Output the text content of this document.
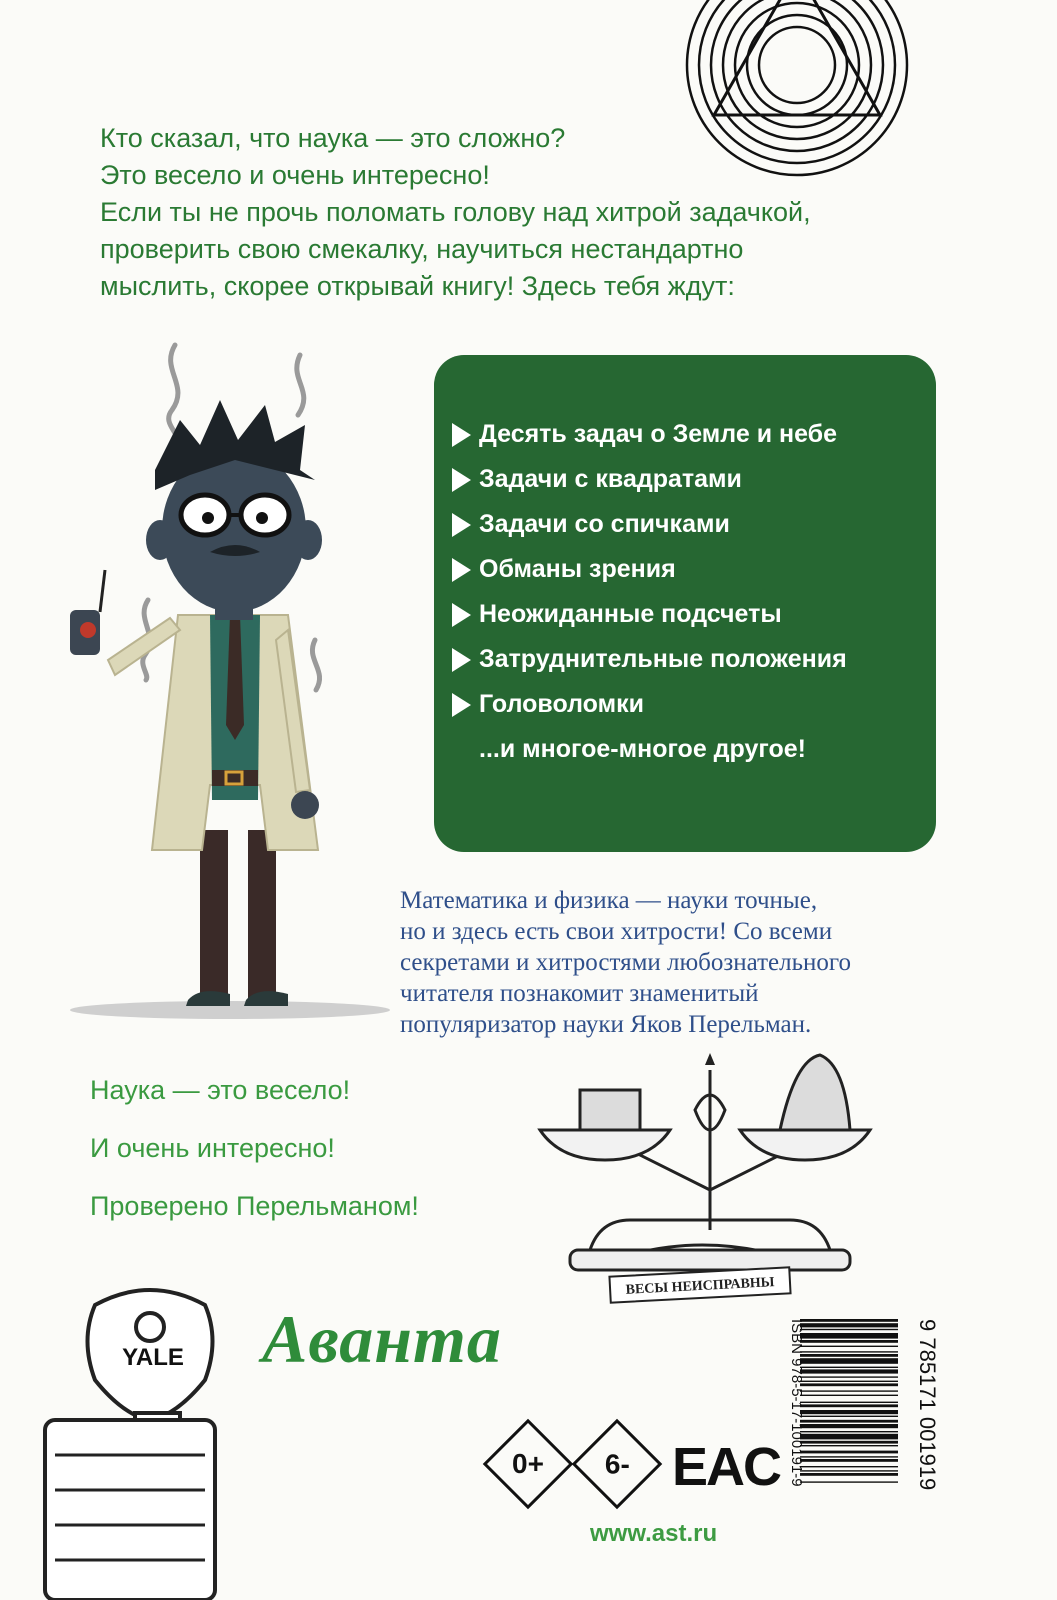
Кто сказал, что наука — это сложно?

Это весело и очень интересно!

Если ты не прочь поломать голову над хитрой задачкой,

проверить свою смекалку, научиться нестандартно

мыслить, скорее открывай книгу! Здесь тебя ждут:

Десять задач о Земле и небе
Задачи с квадратами
Задачи со спичками
Обманы зрения
Неожиданные подсчеты
Затруднительные положения
Головоломки
...и многое-многое другое!

Математика и физика — науки точные,

но и здесь есть свои хитрости! Со всеми

секретами и хитростями любознательного

читателя познакомит знаменитый

популяризатор науки Яков Перельман.

Наука — это весело!
И очень интересно!
Проверено Перельманом!
ВЕСЫ НЕИСПРАВНЫ
YALE Аванта
0+ 6- EAC
www.ast.ru
ISBN 978-5-17-100191-9	9 785171 001919
